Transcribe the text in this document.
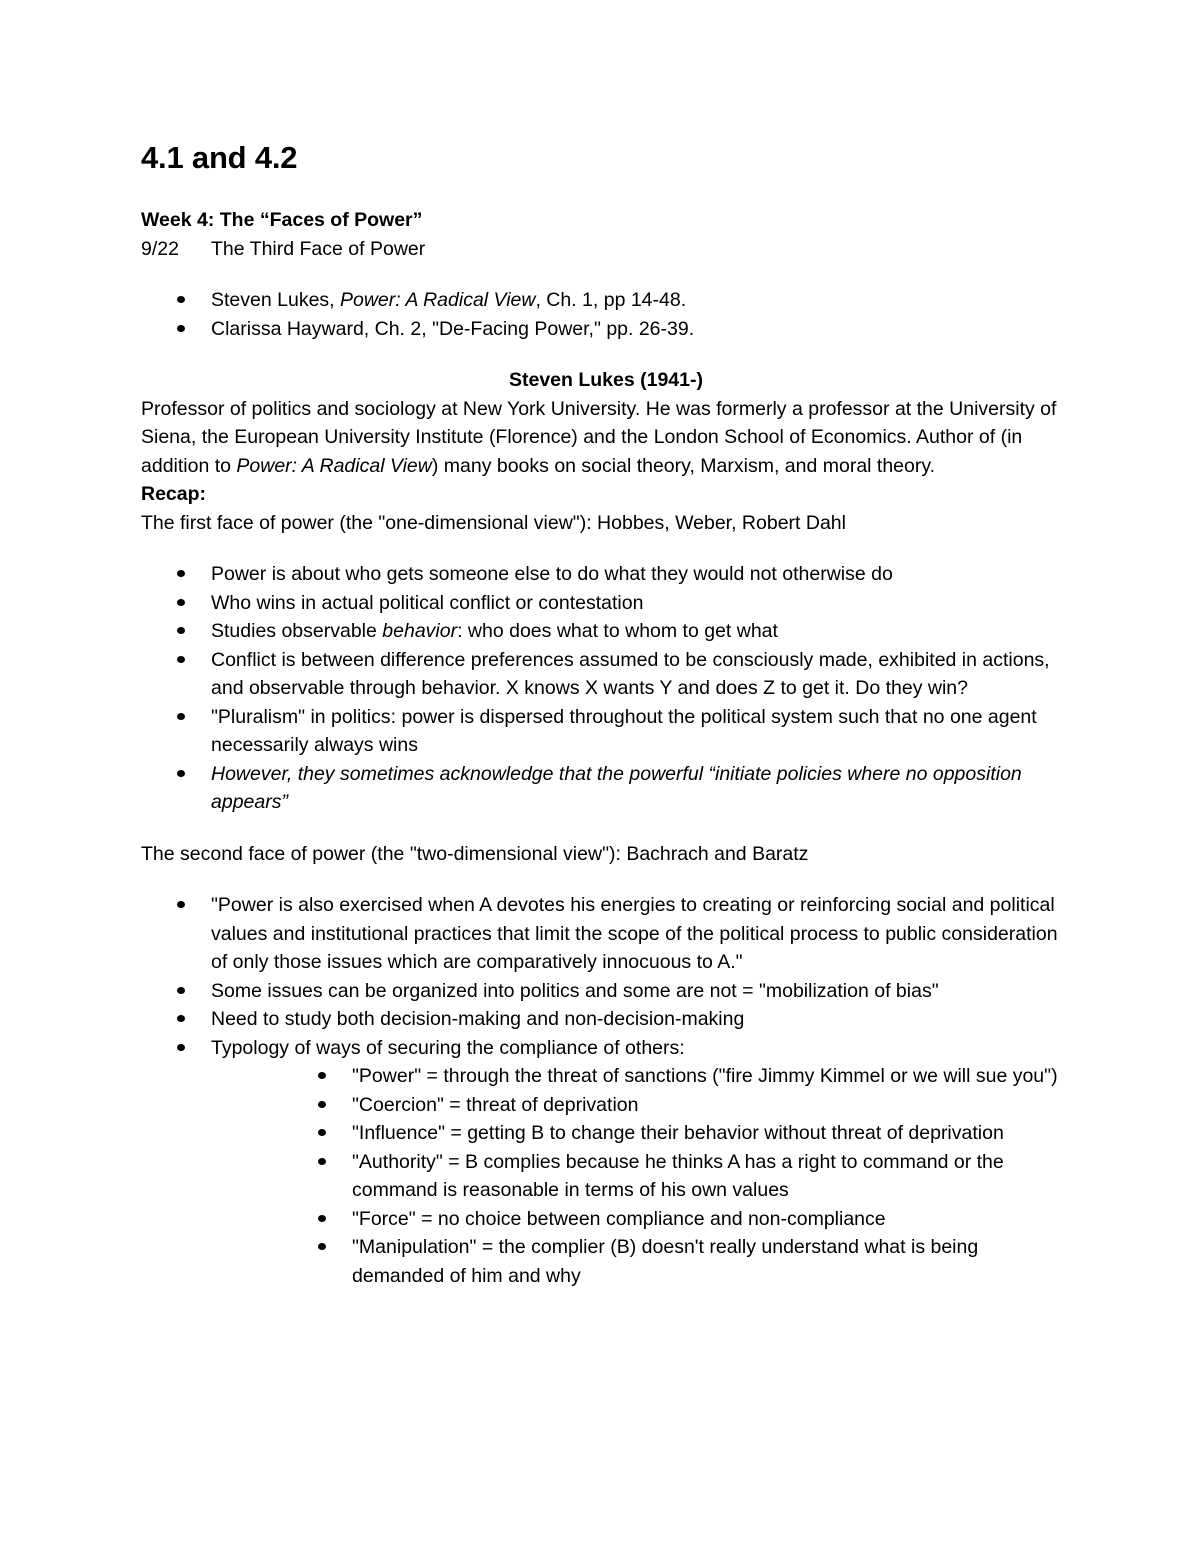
4.1 and 4.2

Week 4: The “Faces of Power”

9/22	The Third Face of Power
Steven Lukes, Power: A Radical View, Ch. 1, pp 14-48.
Clarissa Hayward, Ch. 2, "De-Facing Power," pp. 26-39.

Steven Lukes (1941-)

Professor of politics and sociology at New York University. He was formerly a professor at the University of Siena, the European University Institute (Florence) and the London School of Economics. Author of (in addition to Power: A Radical View) many books on social theory, Marxism, and moral theory.

Recap:

The first face of power (the "one-dimensional view"): Hobbes, Weber, Robert Dahl

Power is about who gets someone else to do what they would not otherwise do
Who wins in actual political conflict or contestation
Studies observable behavior: who does what to whom to get what
Conflict is between difference preferences assumed to be consciously made, exhibited in actions, and observable through behavior. X knows X wants Y and does Z to get it. Do they win?
"Pluralism" in politics: power is dispersed throughout the political system such that no one agent necessarily always wins
However, they sometimes acknowledge that the powerful “initiate policies where no opposition appears”

The second face of power (the "two-dimensional view"): Bachrach and Baratz

"Power is also exercised when A devotes his energies to creating or reinforcing social and political values and institutional practices that limit the scope of the political process to public consideration of only those issues which are comparatively innocuous to A."
Some issues can be organized into politics and some are not = "mobilization of bias"
Need to study both decision-making and non-decision-making
Typology of ways of securing the compliance of others:
"Power" = through the threat of sanctions ("fire Jimmy Kimmel or we will sue you")
"Coercion" = threat of deprivation
"Influence" = getting B to change their behavior without threat of deprivation
"Authority" = B complies because he thinks A has a right to command or the command is reasonable in terms of his own values
"Force" = no choice between compliance and non-compliance
"Manipulation" = the complier (B) doesn't really understand what is being demanded of him and why
